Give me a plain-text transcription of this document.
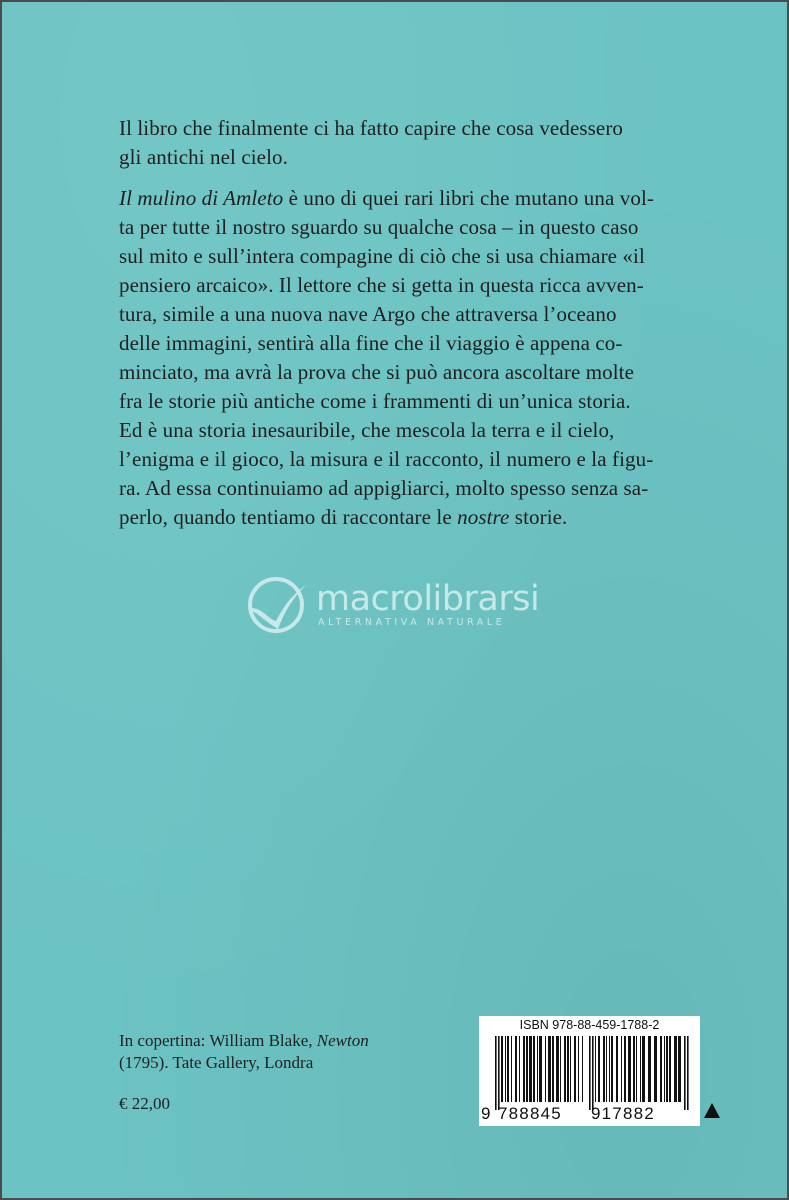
Il libro che finalmente ci ha fatto capire che cosa vedessero
gli antichi nel cielo.

Il mulino di Amleto è uno di quei rari libri che mutano una vol-
ta per tutte il nostro sguardo su qualche cosa – in questo caso
sul mito e sull’intera compagine di ciò che si usa chiamare «il
pensiero arcaico». Il lettore che si getta in questa ricca avven-
tura, simile a una nuova nave Argo che attraversa l’oceano
delle immagini, sentirà alla fine che il viaggio è appena co-
minciato, ma avrà la prova che si può ancora ascoltare molte
fra le storie più antiche come i frammenti di un’unica storia.
Ed è una storia inesauribile, che mescola la terra e il cielo,
l’enigma e il gioco, la misura e il racconto, il numero e la figu-
ra. Ad essa continuiamo ad appigliarci, molto spesso senza sa-
perlo, quando tentiamo di raccontare le nostre storie.

macrolibrarsi
ALTERNATIVA NATURALE

In copertina: William Blake, Newton
(1795). Tate Gallery, Londra

€ 22,00

ISBN 978-88-459-1788-2
9 788845 917882
